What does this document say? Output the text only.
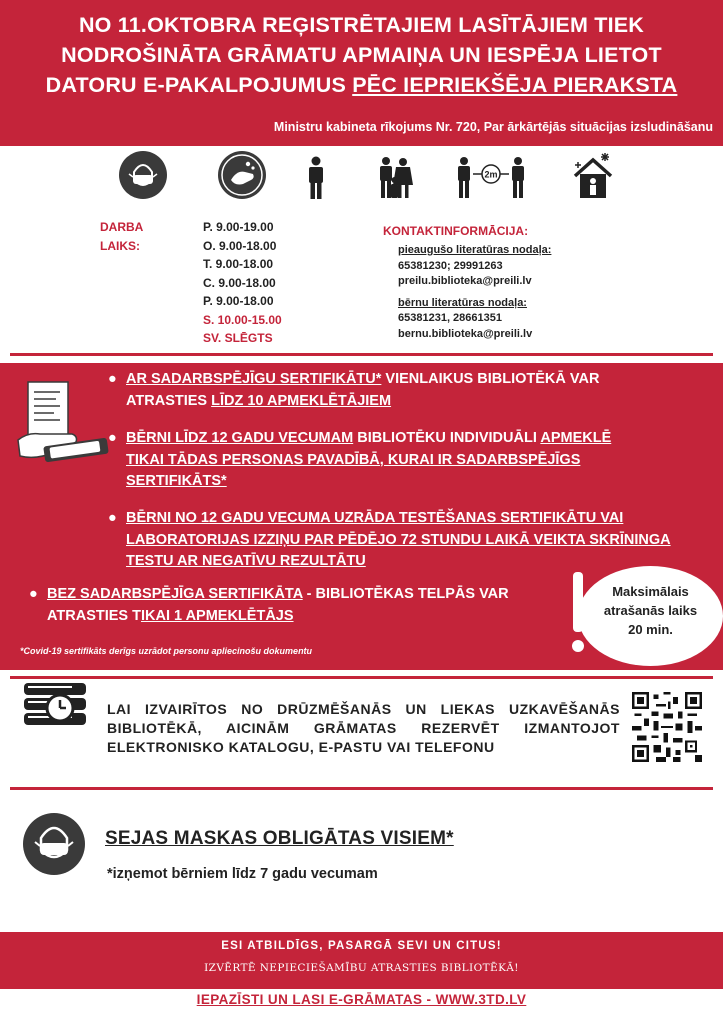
NO 11.OKTOBRA REĢISTRĒTAJIEM LASĪTĀJIEM TIEK
NODROŠINĀTA GRĀMATU APMAIŅA UN IESPĒJA LIETOT
DATORU E-PAKALPOJUMUS PĒC IEPRIEKŠĒJA PIERAKSTA
Ministru kabineta rīkojums Nr. 720, Par ārkārtējās situācijas izsludināšanu
2m
DARBA LAIKS:
P. 9.00-19.00
O. 9.00-18.00
T. 9.00-18.00
C. 9.00-18.00
P. 9.00-18.00
S. 10.00-15.00
SV. SLĒGTS
KONTAKTINFORMĀCIJA:
pieaugušo literatūras nodaļa:
65381230; 29991263
preilu.biblioteka@preili.lv
bērnu literatūras nodaļa:
65381231, 28661351
bernu.biblioteka@preili.lv
● AR SADARBSPĒJĪGU SERTIFIKĀTU* VIENLAIKUS BIBLIOTĒKĀ VAR ATRASTIES LĪDZ 10 APMEKLĒTĀJIEM
● BĒRNI LĪDZ 12 GADU VECUMAM BIBLIOTĒKU INDIVIDUĀLI APMEKLĒ TIKAI TĀDAS PERSONAS PAVADĪBĀ, KURAI IR SADARBSPĒJĪGS SERTIFIKĀTS*
● BĒRNI NO 12 GADU VECUMA UZRĀDA TESTĒŠANAS SERTIFIKĀTU VAI LABORATORIJAS IZZIŅU PAR PĒDĒJO 72 STUNDU LAIKĀ VEIKTA SKRĪNINGA TESTU AR NEGATĪVU REZULTĀTU
● BEZ SADARBSPĒJĪGA SERTIFIKĀTA - BIBLIOTĒKAS TELPĀS VAR ATRASTIES TIKAI 1 APMEKLĒTĀJS
*Covid-19 sertifikāts derīgs uzrādot personu apliecinošu dokumentu
Maksimālais
atrašanās laiks
20 min.
LAI IZVAIRĪTOS NO DRŪZMĒŠANĀS UN LIEKAS UZKAVĒŠANĀS BIBLIOTĒKĀ, AICINĀM GRĀMATAS REZERVĒT IZMANTOJOT ELEKTRONISKO KATALOGU, E-PASTU VAI TELEFONU
SEJAS MASKAS OBLIGĀTAS VISIEM*
*izņemot bērniem līdz 7 gadu vecumam
ESI ATBILDĪGS, PASARGĀ SEVI UN CITUS!
IZVĒRTĒ NEPIECIEŠAMĪBU ATRASTIES BIBLIOTĒKĀ!
IEPAZĪSTI UN LASI E-GRĀMATAS - WWW.3TD.LV
